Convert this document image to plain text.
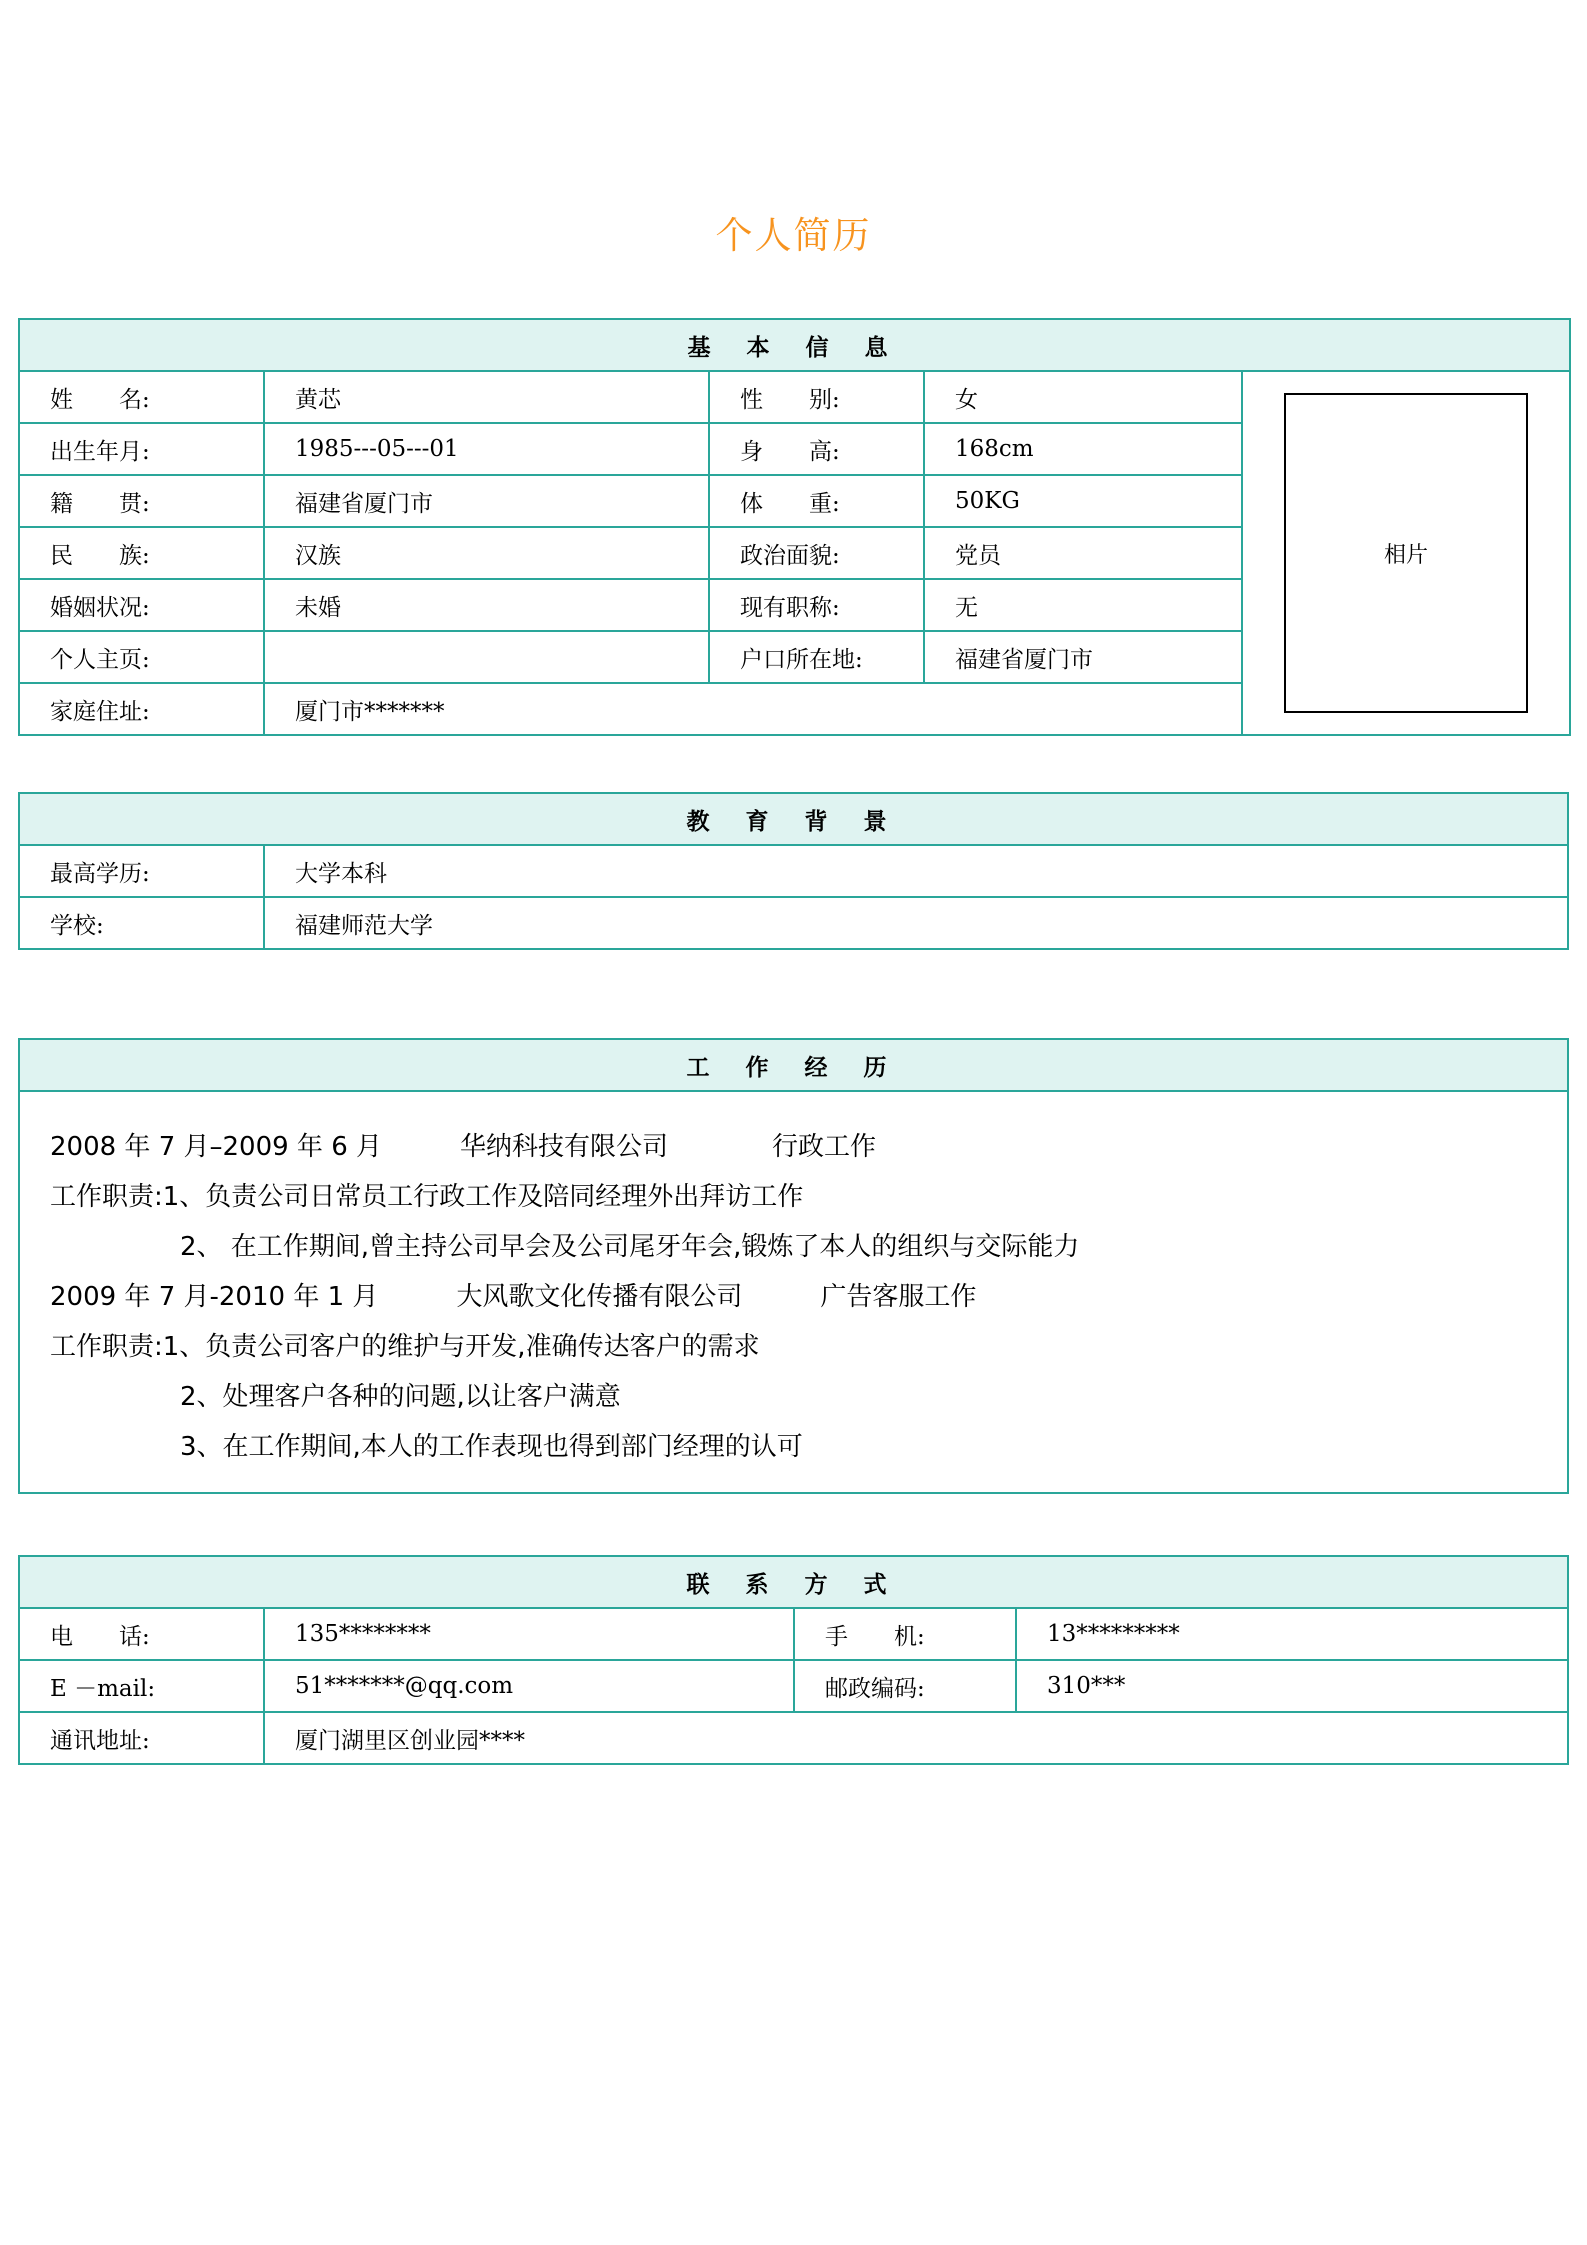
个人简历
基 本 信 息				
姓　　名:	黄芯	性　　别:	女	相片

出生年月:	1985---05---01	身　　高:	168cm	
籍　　贯:	福建省厦门市	体　　重:	50KG	
民　　族:	汉族	政治面貌:	党员	
婚姻状况:	未婚	现有职称:	无	
个人主页:		户口所在地:	福建省厦门市	
家庭住址:	厦门市*******			
教 育 背 景	
最高学历:	大学本科
学校:	福建师范大学
工 作 经 历

2008 年 7 月–2009 年 6 月　　　华纳科技有限公司　　　　行政工作
工作职责:1、负责公司日常员工行政工作及陪同经理外出拜访工作
　　　　　2、 在工作期间,曾主持公司早会及公司尾牙年会,锻炼了本人的组织与交际能力
2009 年 7 月-2010 年 1 月　　　大风歌文化传播有限公司　　　广告客服工作
工作职责:1、负责公司客户的维护与开发,准确传达客户的需求
　　　　　2、处理客户各种的问题,以让客户满意
　　　　　3、在工作期间,本人的工作表现也得到部门经理的认可
联 系 方 式			
电　　话:	135********	手　　机:	13*********
E －mail:	51*******@qq.com	邮政编码:	310***
通讯地址:	厦门湖里区创业园****		
